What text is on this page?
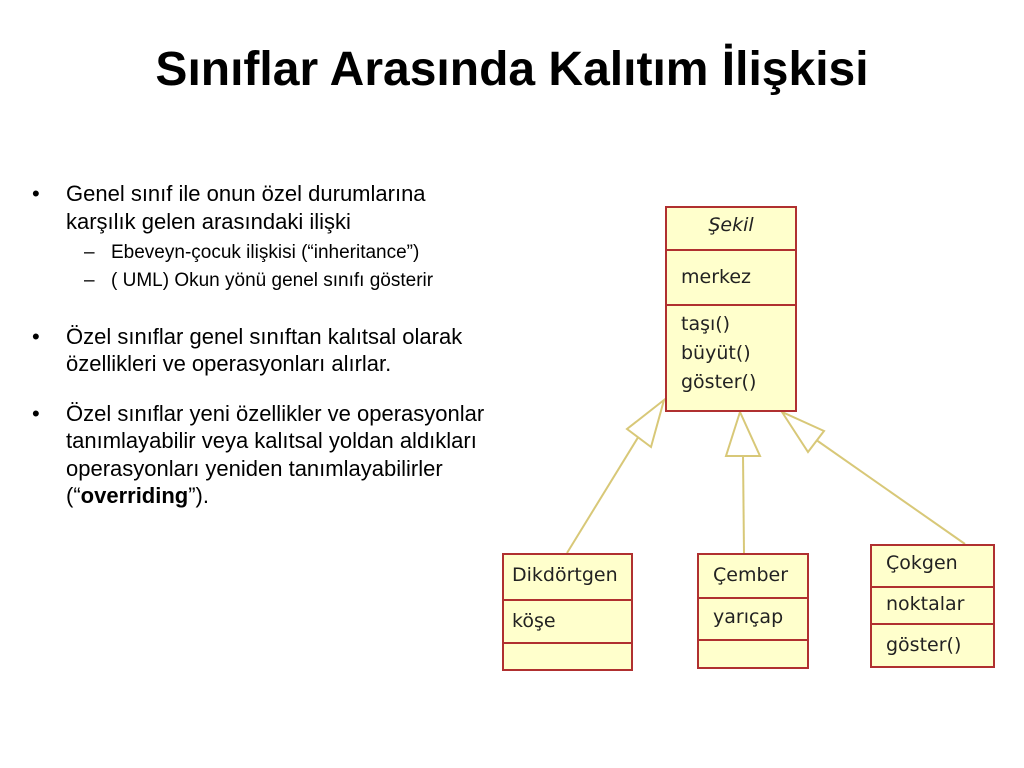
Sınıflar Arasında Kalıtım İlişkisi
• Genel sınıf ile onun özel durumlarına karşılık gelen arasındaki ilişki
– Ebeveyn-çocuk ilişkisi (“inheritance”)
– ( UML) Okun yönü genel sınıfı gösterir
• Özel sınıflar genel sınıftan kalıtsal olarak özellikleri ve operasyonları alırlar.
• Özel sınıflar yeni özellikler ve operasyonlar tanımlayabilir veya kalıtsal yoldan aldıkları operasyonları yeniden tanımlayabilirler (“overriding”).
Şekil
merkez
taşı()
büyüt()
göster()
Dikdörtgen
köşe
Çember
yarıçap
Çokgen
noktalar
göster()
